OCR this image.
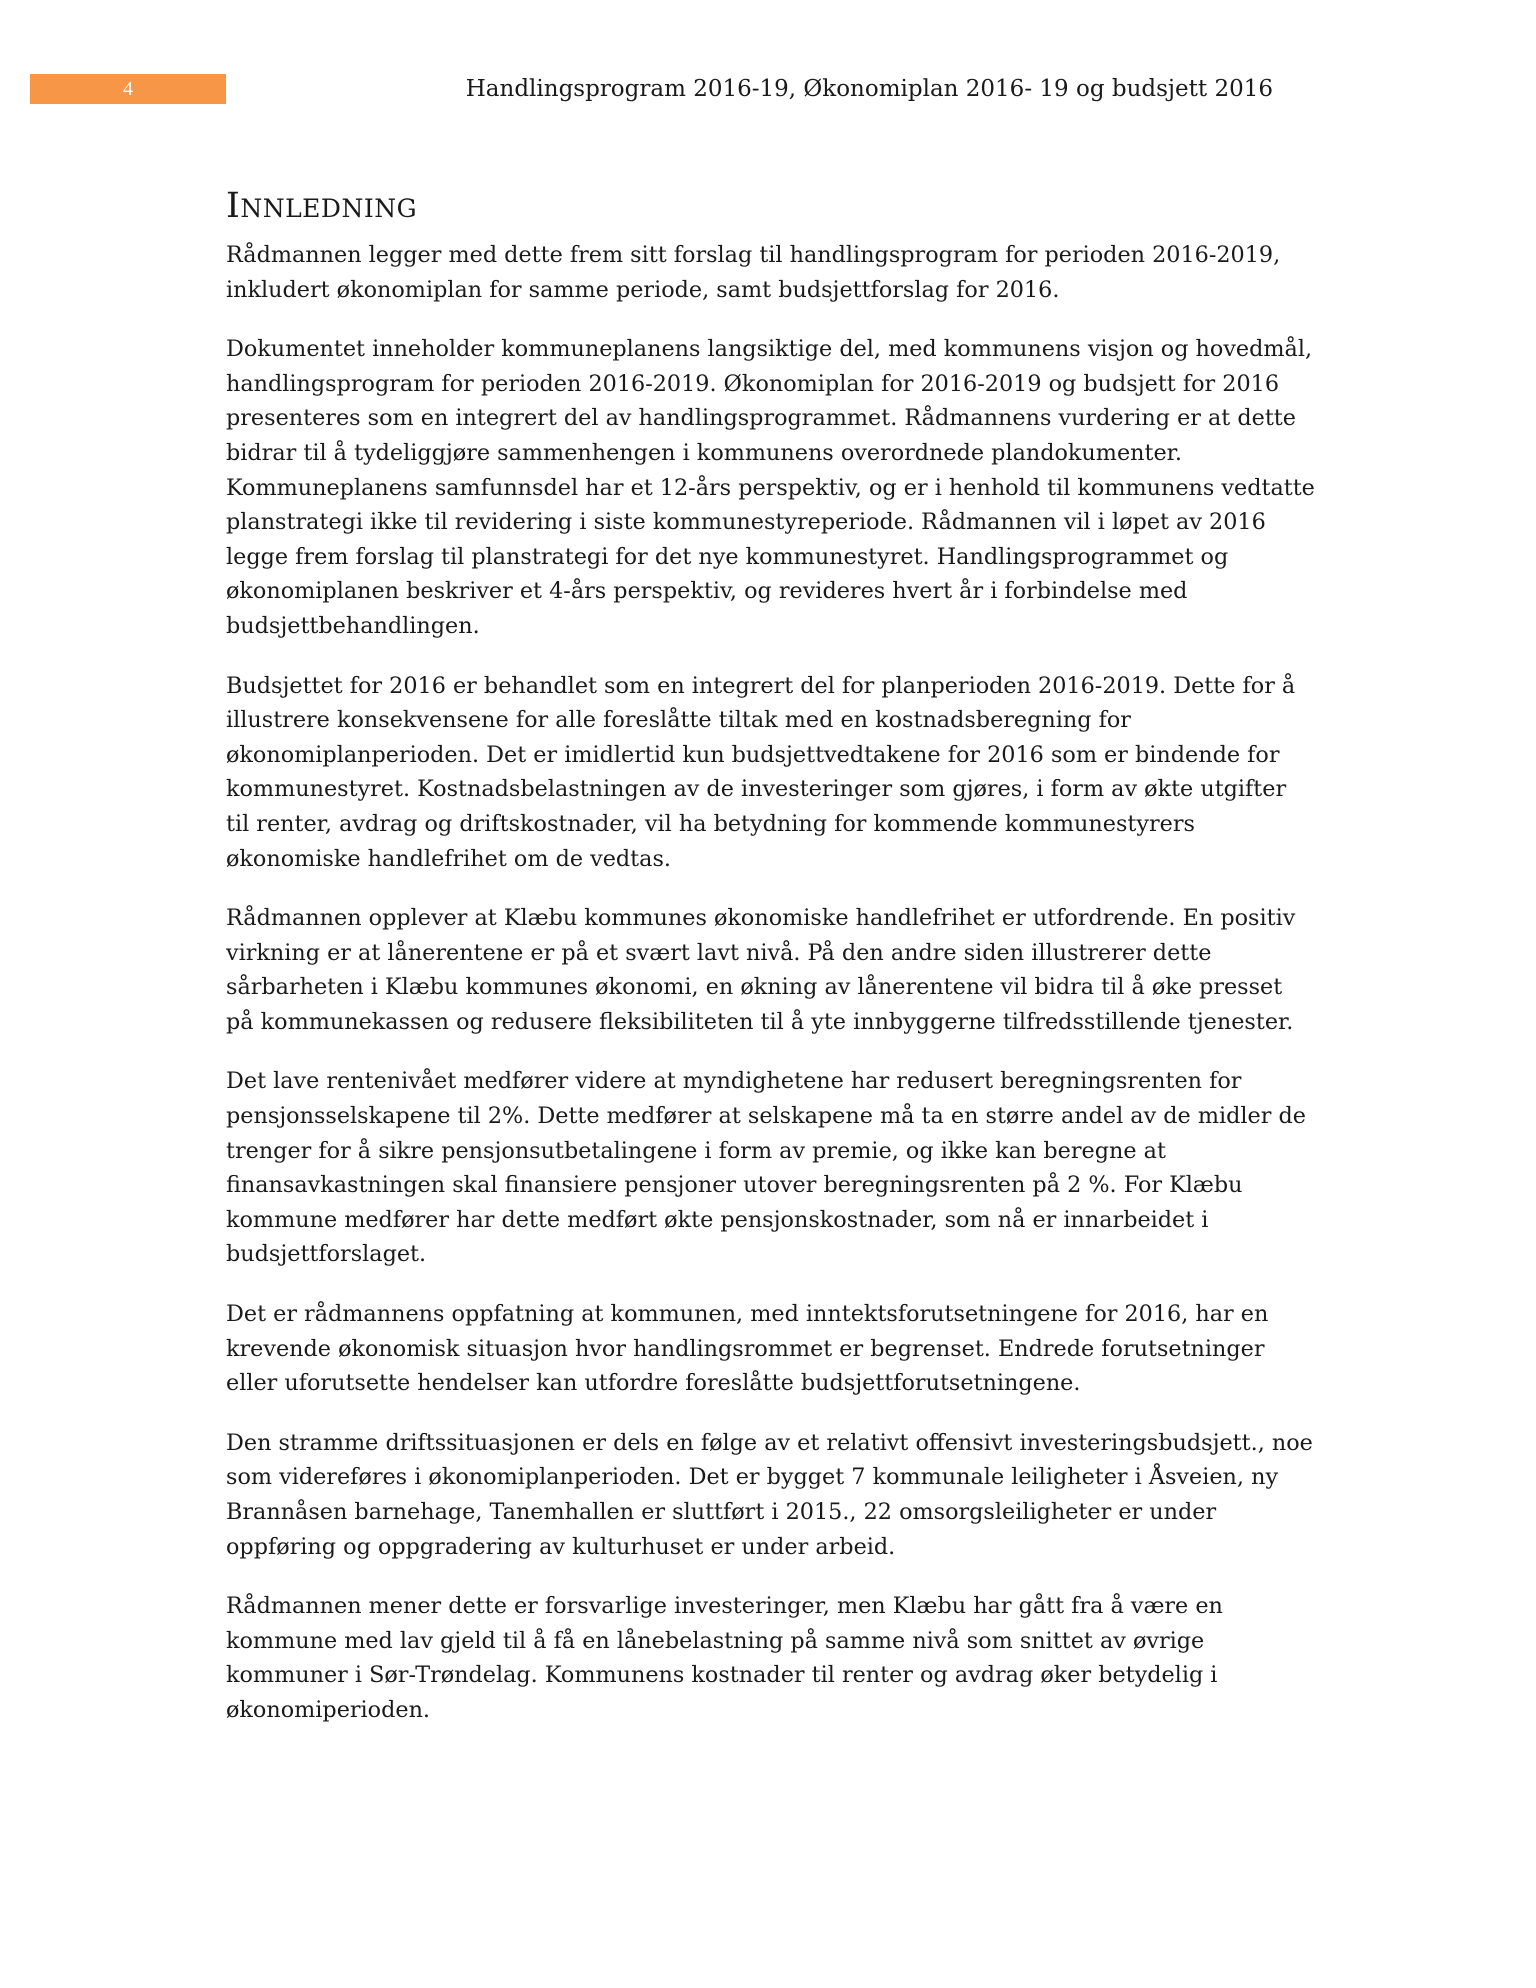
4	Handlingsprogram 2016-19, Økonomiplan 2016- 19 og budsjett 2016
Innledning

Rådmannen legger med dette frem sitt forslag til handlingsprogram for perioden 2016-2019, inkludert økonomiplan for samme periode, samt budsjettforslag for 2016.

Dokumentet inneholder kommuneplanens langsiktige del, med kommunens visjon og hovedmål, handlingsprogram for perioden 2016-2019. Økonomiplan for 2016-2019 og budsjett for 2016 presenteres som en integrert del av handlingsprogrammet. Rådmannens vurdering er at dette bidrar til å tydeliggjøre sammenhengen i kommunens overordnede plandokumenter. Kommuneplanens samfunnsdel har et 12-års perspektiv, og er i henhold til kommunens vedtatte planstrategi ikke til revidering i siste kommunestyreperiode. Rådmannen vil i løpet av 2016 legge frem forslag til planstrategi for det nye kommunestyret. Handlingsprogrammet og økonomiplanen beskriver et 4-års perspektiv, og revideres hvert år i forbindelse med budsjettbehandlingen.

Budsjettet for 2016 er behandlet som en integrert del for planperioden 2016-2019. Dette for å illustrere konsekvensene for alle foreslåtte tiltak med en kostnadsberegning for økonomiplanperioden. Det er imidlertid kun budsjettvedtakene for 2016 som er bindende for kommunestyret. Kostnadsbelastningen av de investeringer som gjøres, i form av økte utgifter til renter, avdrag og driftskostnader, vil ha betydning for kommende kommunestyrers økonomiske handlefrihet om de vedtas.

Rådmannen opplever at Klæbu kommunes økonomiske handlefrihet er utfordrende. En positiv virkning er at lånerentene er på et svært lavt nivå. På den andre siden illustrerer dette sårbarheten i Klæbu kommunes økonomi, en økning av lånerentene vil bidra til å øke presset på kommunekassen og redusere fleksibiliteten til å yte innbyggerne tilfredsstillende tjenester.

Det lave rentenivået medfører videre at myndighetene har redusert beregningsrenten for pensjonsselskapene til 2%. Dette medfører at selskapene må ta en større andel av de midler de trenger for å sikre pensjonsutbetalingene i form av premie, og ikke kan beregne at finansavkastningen skal finansiere pensjoner utover beregningsrenten på 2 %. For Klæbu kommune medfører har dette medført økte pensjonskostnader, som nå er innarbeidet i budsjettforslaget.

Det er rådmannens oppfatning at kommunen, med inntektsforutsetningene for 2016, har en krevende økonomisk situasjon hvor handlingsrommet er begrenset. Endrede forutsetninger eller uforutsette hendelser kan utfordre foreslåtte budsjettforutsetningene.

Den stramme driftssituasjonen er dels en følge av et relativt offensivt investeringsbudsjett., noe som videreføres i økonomiplanperioden. Det er bygget 7 kommunale leiligheter i Åsveien, ny Brannåsen barnehage, Tanemhallen er sluttført i 2015., 22 omsorgsleiligheter er under oppføring og oppgradering av kulturhuset er under arbeid.

Rådmannen mener dette er forsvarlige investeringer, men Klæbu har gått fra å være en kommune med lav gjeld til å få en lånebelastning på samme nivå som snittet av øvrige kommuner i Sør-Trøndelag. Kommunens kostnader til renter og avdrag øker betydelig i økonomiperioden.
